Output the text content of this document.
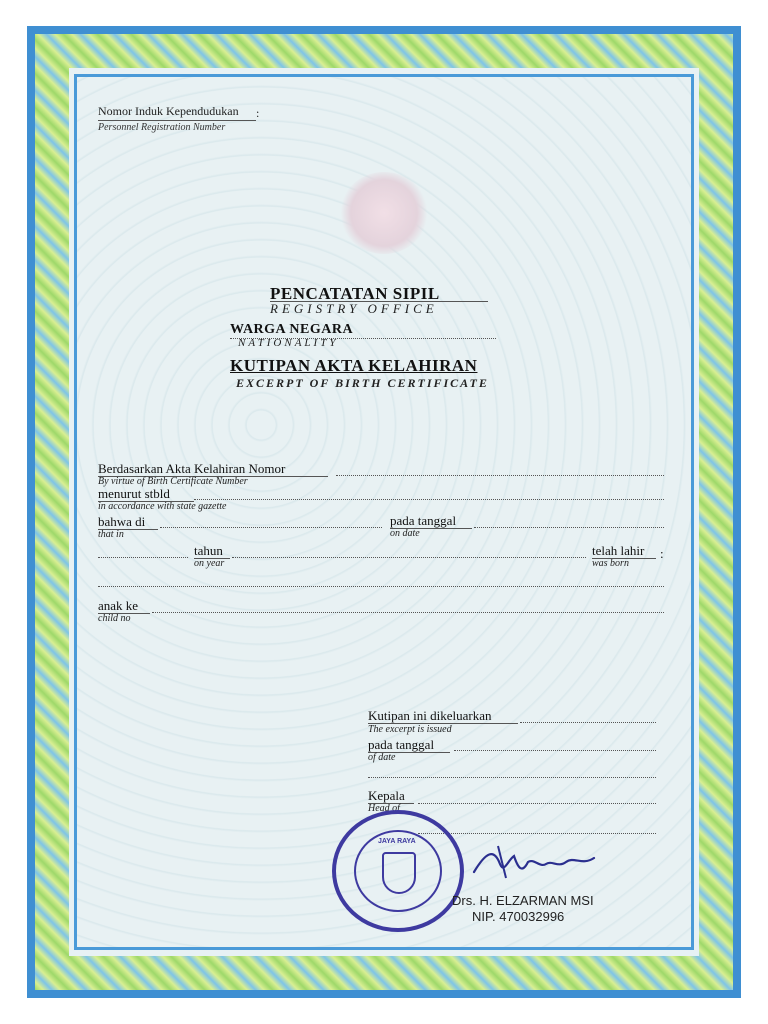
Nomor Induk Kependudukan :
Personnel Registration Number
PENCATATAN SIPIL
REGISTRY OFFICE
WARGA NEGARA
NATIONALITY
KUTIPAN AKTA KELAHIRAN
EXCERPT OF BIRTH CERTIFICATE
Berdasarkan Akta Kelahiran Nomor
By virtue of Birth Certificate Number
menurut stbld
in accordance with state gazette
bahwa di
that in
pada tanggal
on date
tahun
on year
telah lahir :
was born
anak ke
child no
Kutipan ini dikeluarkan
The excerpt is issued
pada tanggal
of date
Kepala
Head of
JAYA RAYA
Drs. H. ELZARMAN MSI
NIP. 470032996
